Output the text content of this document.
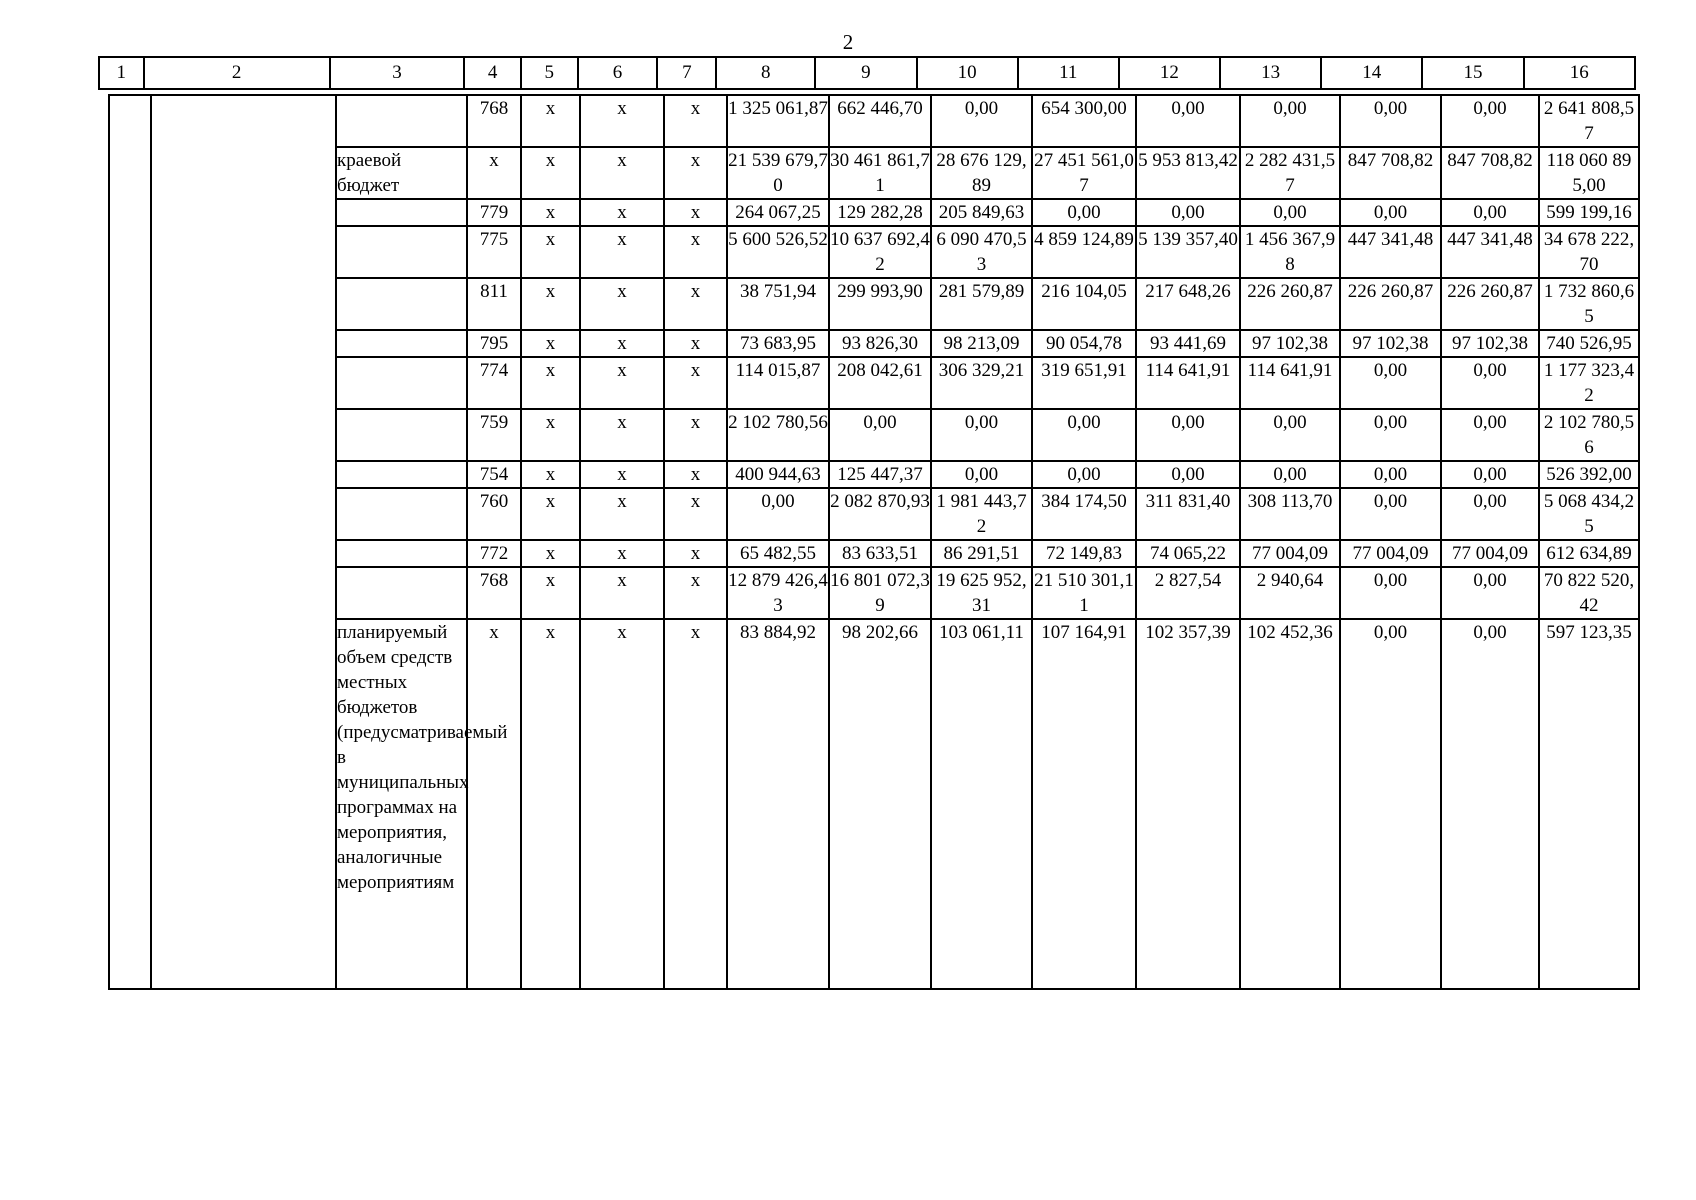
2
1	2	3	4	5	6	7	8	9	10	11	12	13	14	15	16
			768	x	x	x	1 325 061,87	662 446,70	0,00	654 300,00	0,00	0,00	0,00	0,00	2 641 808,57
		краевой бюджет	x	x	x	x	21 539 679,70	30 461 861,71	28 676 129,89	27 451 561,07	5 953 813,42	2 282 431,57	847 708,82	847 708,82	118 060 895,00
			779	x	x	x	264 067,25	129 282,28	205 849,63	0,00	0,00	0,00	0,00	0,00	599 199,16
			775	x	x	x	5 600 526,52	10 637 692,42	6 090 470,53	4 859 124,89	5 139 357,40	1 456 367,98	447 341,48	447 341,48	34 678 222,70
			811	x	x	x	38 751,94	299 993,90	281 579,89	216 104,05	217 648,26	226 260,87	226 260,87	226 260,87	1 732 860,65
			795	x	x	x	73 683,95	93 826,30	98 213,09	90 054,78	93 441,69	97 102,38	97 102,38	97 102,38	740 526,95
			774	x	x	x	114 015,87	208 042,61	306 329,21	319 651,91	114 641,91	114 641,91	0,00	0,00	1 177 323,42
			759	x	x	x	2 102 780,56	0,00	0,00	0,00	0,00	0,00	0,00	0,00	2 102 780,56
			754	x	x	x	400 944,63	125 447,37	0,00	0,00	0,00	0,00	0,00	0,00	526 392,00
			760	x	x	x	0,00	2 082 870,93	1 981 443,72	384 174,50	311 831,40	308 113,70	0,00	0,00	5 068 434,25
			772	x	x	x	65 482,55	83 633,51	86 291,51	72 149,83	74 065,22	77 004,09	77 004,09	77 004,09	612 634,89
			768	x	x	x	12 879 426,43	16 801 072,39	19 625 952,31	21 510 301,11	2 827,54	2 940,64	0,00	0,00	70 822 520,42
		планируемый объем средств местных бюджетов (предусматриваемый в муниципальных программах на мероприятия, аналогичные мероприятиям	x	x	x	x	83 884,92	98 202,66	103 061,11	107 164,91	102 357,39	102 452,36	0,00	0,00	597 123,35
